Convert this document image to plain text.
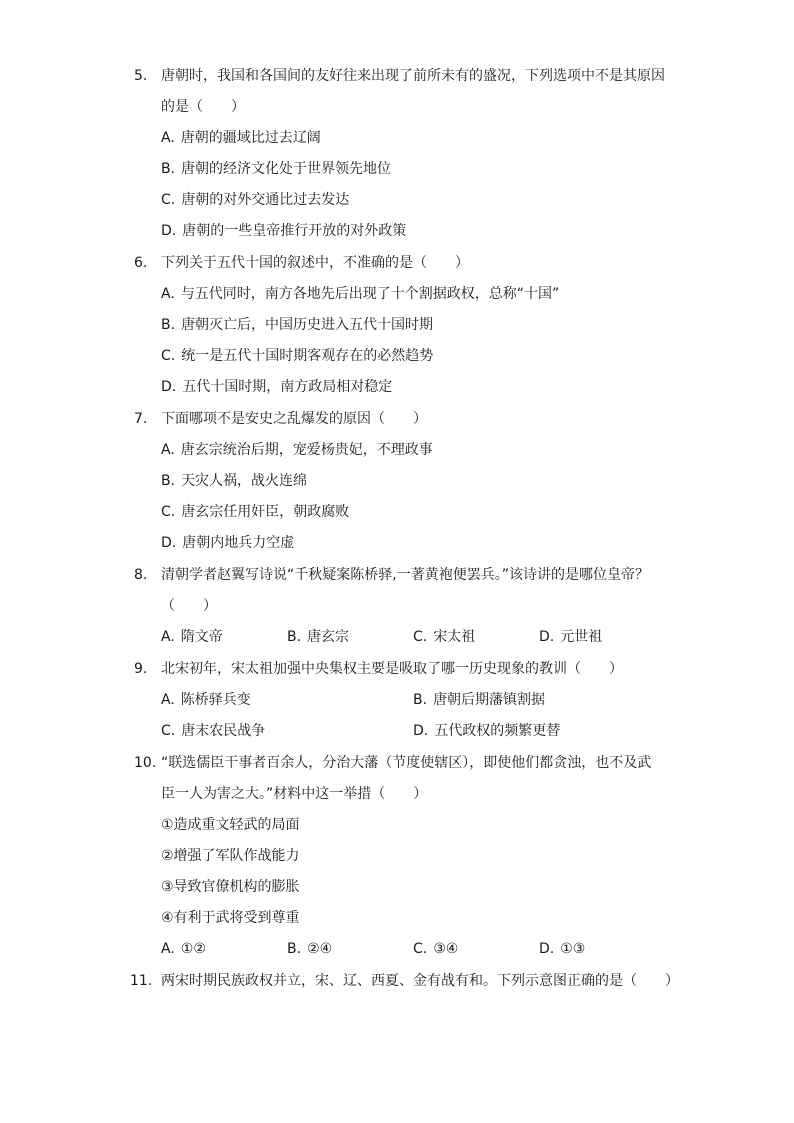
5. 唐朝时，我国和各国间的友好往来出现了前所未有的盛况，下列选项中不是其原因
的是（　　）
A. 唐朝的疆域比过去辽阔
B. 唐朝的经济文化处于世界领先地位
C. 唐朝的对外交通比过去发达
D. 唐朝的一些皇帝推行开放的对外政策
6. 下列关于五代十国的叙述中，不准确的是（　　）
A. 与五代同时，南方各地先后出现了十个割据政权，总称“十国”
B. 唐朝灭亡后，中国历史进入五代十国时期
C. 统一是五代十国时期客观存在的必然趋势
D. 五代十国时期，南方政局相对稳定
7. 下面哪项不是安史之乱爆发的原因（　　）
A. 唐玄宗统治后期，宠爱杨贵妃，不理政事
B. 天灾人祸，战火连绵
C. 唐玄宗任用奸臣，朝政腐败
D. 唐朝内地兵力空虚
8. 清朝学者赵翼写诗说“千秋疑案陈桥驿,一著黄袍便罢兵。”该诗讲的是哪位皇帝？
（　　）
A. 隋文帝	B. 唐玄宗	C. 宋太祖	D. 元世祖
9. 北宋初年，宋太祖加强中央集权主要是吸取了哪一历史现象的教训（　　）
A. 陈桥驿兵变	B. 唐朝后期藩镇割据
C. 唐末农民战争	D. 五代政权的频繁更替
10. “联选儒臣干事者百余人，分治大藩（节度使辖区），即使他们都贪浊，也不及武
臣一人为害之大。”材料中这一举措（　　）
①造成重文轻武的局面
②增强了军队作战能力
③导致官僚机构的膨胀
④有利于武将受到尊重
A. ①②	B. ②④	C. ③④	D. ①③
11. 两宋时期民族政权并立，宋、辽、西夏、金有战有和。下列示意图正确的是（　　）
